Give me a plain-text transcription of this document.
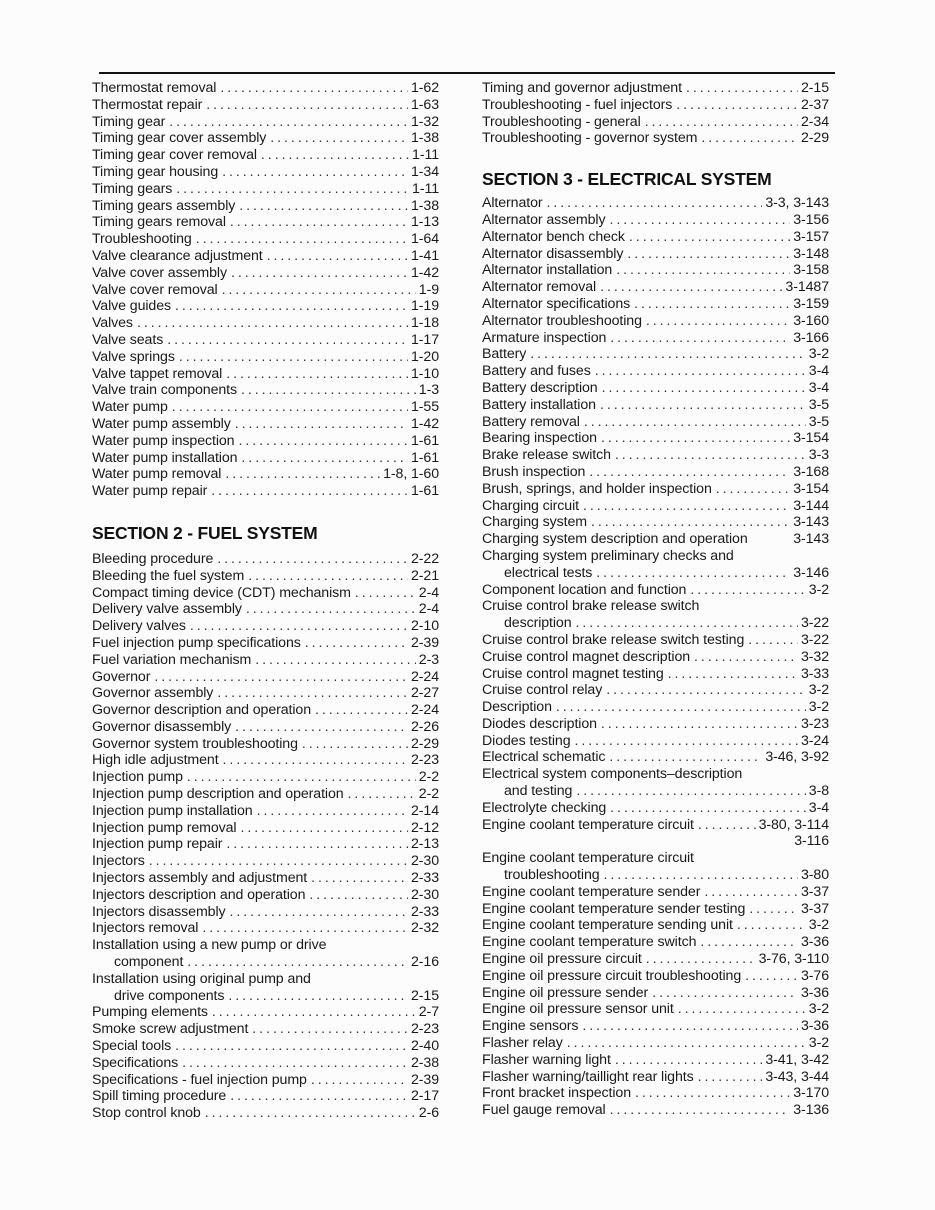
Thermostat removal . . .	1-62
Thermostat repair . . .	1-63
Timing gear . . .	1-32
Timing gear cover assembly . . .	1-38
Timing gear cover removal . . .	1-11
Timing gear housing . . .	1-34
Timing gears . . .	1-11
Timing gears assembly . . .	1-38
Timing gears removal . . .	1-13
Troubleshooting . . .	1-64
Valve clearance adjustment . . .	1-41
Valve cover assembly . . .	1-42
Valve cover removal . . .	1-9
Valve guides . . .	1-19
Valves . . .	1-18
Valve seats . . .	1-17
Valve springs . . .	1-20
Valve tappet removal . . .	1-10
Valve train components . . .	1-3
Water pump . . .	1-55
Water pump assembly . . .	1-42
Water pump inspection . . .	1-61
Water pump installation . . .	1-61
Water pump removal . . .	1-8, 1-60
Water pump repair . . .	1-61
SECTION 2 - FUEL SYSTEM
Bleeding procedure . . .	2-22
Bleeding the fuel system . . .	2-21
Compact timing device (CDT) mechanism . . .	2-4
Delivery valve assembly . . .	2-4
Delivery valves . . .	2-10
Fuel injection pump specifications . . .	2-39
Fuel variation mechanism . . .	2-3
Governor . . .	2-24
Governor assembly . . .	2-27
Governor description and operation . . .	2-24
Governor disassembly . . .	2-26
Governor system troubleshooting . . .	2-29
High idle adjustment . . .	2-23
Injection pump . . .	2-2
Injection pump description and operation . . .	2-2
Injection pump installation . . .	2-14
Injection pump removal . . .	2-12
Injection pump repair . . .	2-13
Injectors . . .	2-30
Injectors assembly and adjustment . . .	2-33
Injectors description and operation . . .	2-30
Injectors disassembly . . .	2-33
Injectors removal . . .	2-32
Installation using a new pump or drive
component . . .	2-16
Installation using original pump and
drive components . . .	2-15
Pumping elements . . .	2-7
Smoke screw adjustment . . .	2-23
Special tools . . .	2-40
Specifications . . .	2-38
Specifications - fuel injection pump . . .	2-39
Spill timing procedure . . .	2-17
Stop control knob . . .	2-6
Timing and governor adjustment . . .	2-15
Troubleshooting - fuel injectors . . .	2-37
Troubleshooting - general . . .	2-34
Troubleshooting - governor system . . .	2-29
SECTION 3 - ELECTRICAL SYSTEM
Alternator . . .	3-3, 3-143
Alternator assembly . . .	3-156
Alternator bench check . . .	3-157
Alternator disassembly . . .	3-148
Alternator installation . . .	3-158
Alternator removal . . .	3-1487
Alternator specifications . . .	3-159
Alternator troubleshooting . . .	3-160
Armature inspection . . .	3-166
Battery . . .	3-2
Battery and fuses . . .	3-4
Battery description . . .	3-4
Battery installation . . .	3-5
Battery removal . . .	3-5
Bearing inspection . . .	3-154
Brake release switch . . .	3-3
Brush inspection . . .	3-168
Brush, springs, and holder inspection . . .	3-154
Charging circuit . . .	3-144
Charging system . . .	3-143
Charging system description and operation	3-143
Charging system preliminary checks and
electrical tests . . .	3-146
Component location and function . . .	3-2
Cruise control brake release switch
description . . .	3-22
Cruise control brake release switch testing . . .	3-22
Cruise control magnet description . . .	3-32
Cruise control magnet testing . . .	3-33
Cruise control relay . . .	3-2
Description . . .	3-2
Diodes description . . .	3-23
Diodes testing . . .	3-24
Electrical schematic . . .	3-46, 3-92
Electrical system components–description
and testing . . .	3-8
Electrolyte checking . . .	3-4
Engine coolant temperature circuit . . .	3-80, 3-114
3-116
Engine coolant temperature circuit
troubleshooting . . .	3-80
Engine coolant temperature sender . . .	3-37
Engine coolant temperature sender testing . . .	3-37
Engine coolant temperature sending unit . . .	3-2
Engine coolant temperature switch . . .	3-36
Engine oil pressure circuit . . .	3-76, 3-110
Engine oil pressure circuit troubleshooting . . .	3-76
Engine oil pressure sender . . .	3-36
Engine oil pressure sensor unit . . .	3-2
Engine sensors . . .	3-36
Flasher relay . . .	3-2
Flasher warning light . . .	3-41, 3-42
Flasher warning/taillight rear lights . . .	3-43, 3-44
Front bracket inspection . . .	3-170
Fuel gauge removal . . .	3-136
